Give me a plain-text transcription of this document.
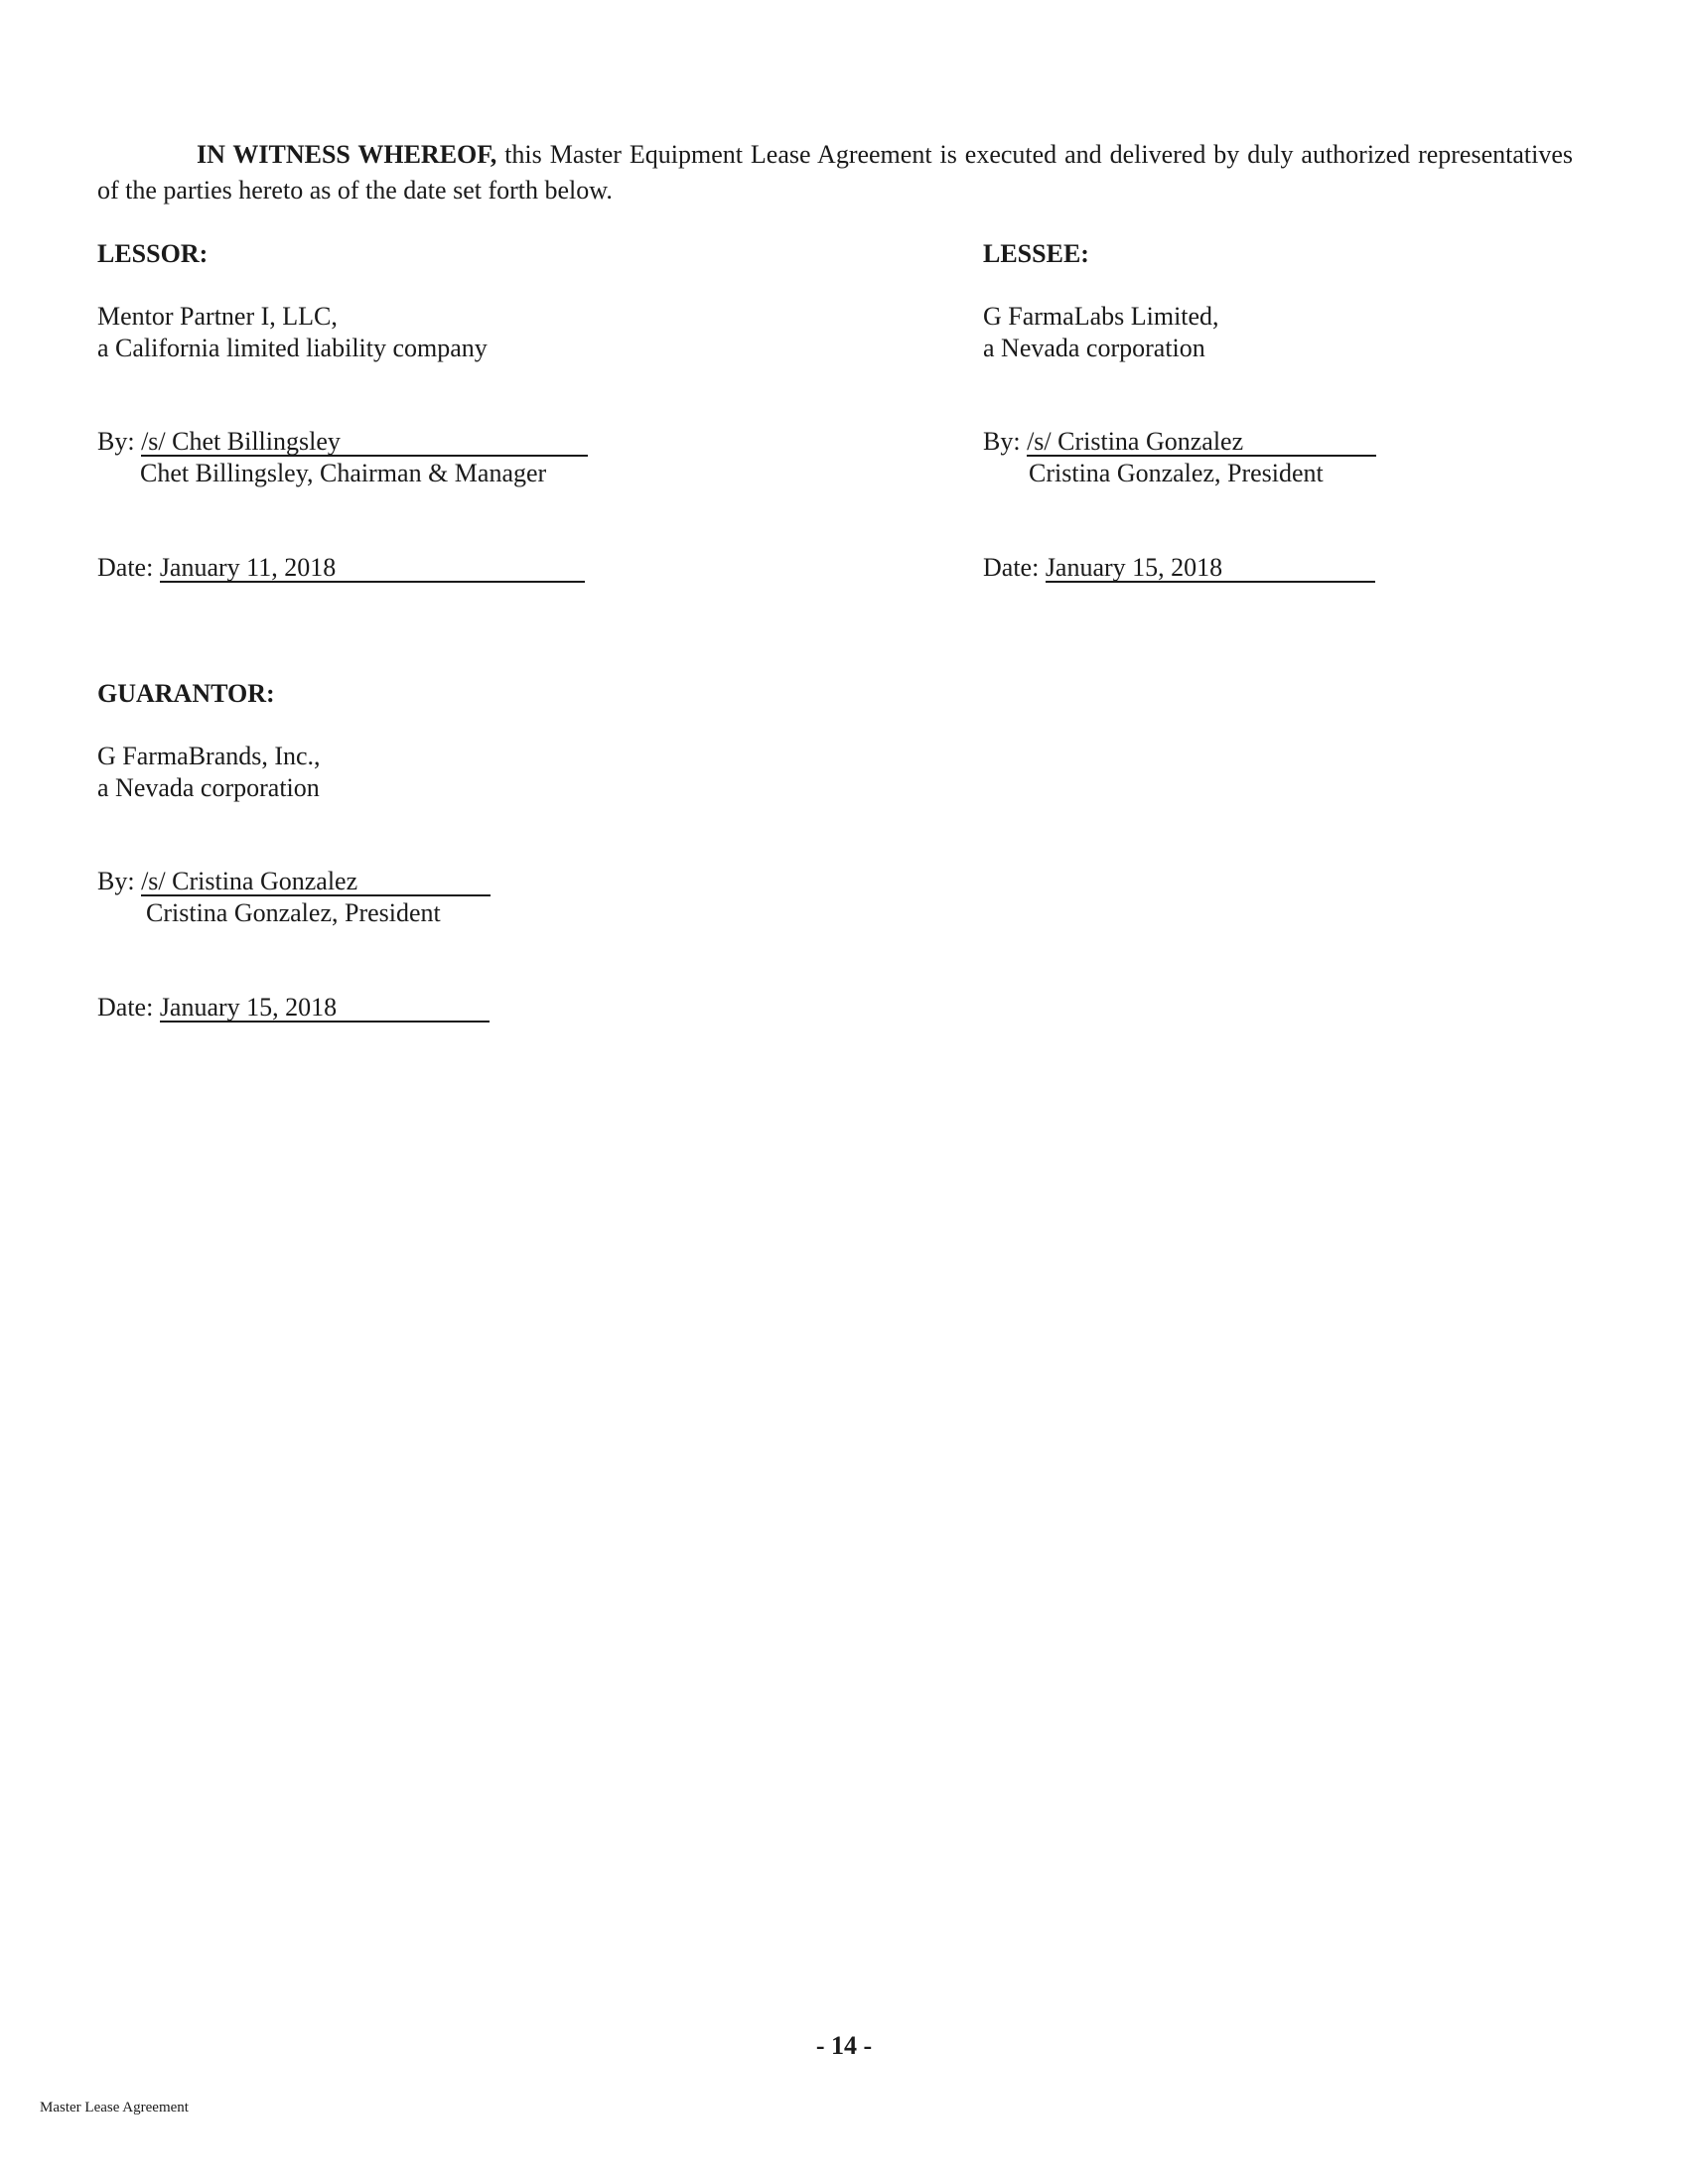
IN WITNESS WHEREOF, this Master Equipment Lease Agreement is executed and delivered by duly authorized representatives of the parties hereto as of the date set forth below.
LESSOR:
Mentor Partner I, LLC,
a California limited liability company
By: /s/ Chet Billingsley
Chet Billingsley, Chairman & Manager
Date: January 11, 2018
LESSEE:
G FarmaLabs Limited,
a Nevada corporation
By: /s/ Cristina Gonzalez
Cristina Gonzalez, President
Date: January 15, 2018
GUARANTOR:
G FarmaBrands, Inc.,
a Nevada corporation
By: /s/ Cristina Gonzalez
Cristina Gonzalez, President
Date: January 15, 2018
- 14 -
Master Lease Agreement
